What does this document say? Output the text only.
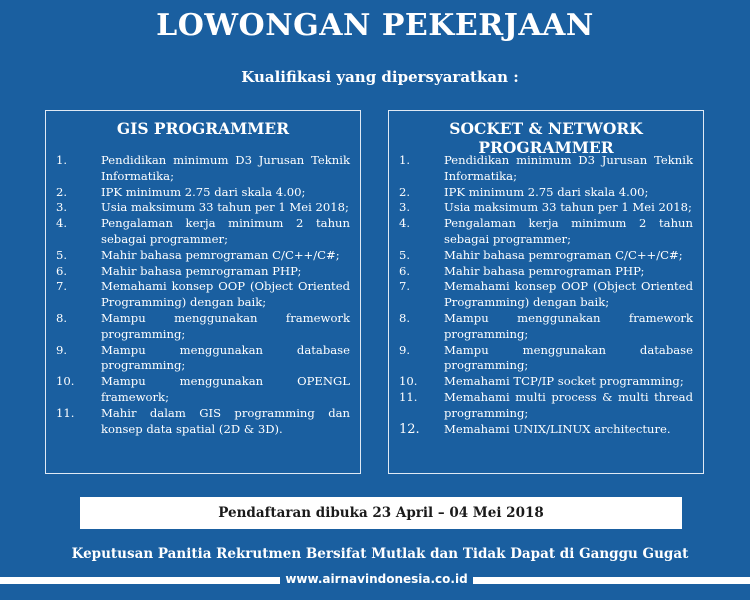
LOWONGAN PEKERJAAN
Kualifikasi yang dipersyaratkan :
GIS PROGRAMMER
1.	Pendidikan minimum D3 Jurusan Teknik Informatika;
2.	IPK minimum 2.75 dari skala 4.00;
3.	Usia maksimum 33 tahun per 1 Mei 2018;
4.	Pengalaman kerja minimum 2 tahun sebagai programmer;
5.	Mahir bahasa pemrograman C/C++/C#;
6.	Mahir bahasa pemrograman PHP;
7.	Memahami konsep OOP (Object Oriented Programming) dengan baik;
8.	Mampu menggunakan framework programming;
9.	Mampu menggunakan database programming;
10.	Mampu menggunakan OPENGL framework;
11.	Mahir dalam GIS programming dan konsep data spatial (2D & 3D).
SOCKET & NETWORK PROGRAMMER
1.	Pendidikan minimum D3 Jurusan Teknik Informatika;
2.	IPK minimum 2.75 dari skala 4.00;
3.	Usia maksimum 33 tahun per 1 Mei 2018;
4.	Pengalaman kerja minimum 2 tahun sebagai programmer;
5.	Mahir bahasa pemrograman C/C++/C#;
6.	Mahir bahasa pemrograman PHP;
7.	Memahami konsep OOP (Object Oriented Programming) dengan baik;
8.	Mampu menggunakan framework programming;
9.	Mampu menggunakan database programming;
10.	Memahami TCP/IP socket programming;
11.	Memahami multi process & multi thread programming;
12.	Memahami UNIX/LINUX architecture.
Pendaftaran dibuka 23 April – 04 Mei 2018
Keputusan Panitia Rekrutmen Bersifat Mutlak dan Tidak Dapat di Ganggu Gugat
www.airnavindonesia.co.id
